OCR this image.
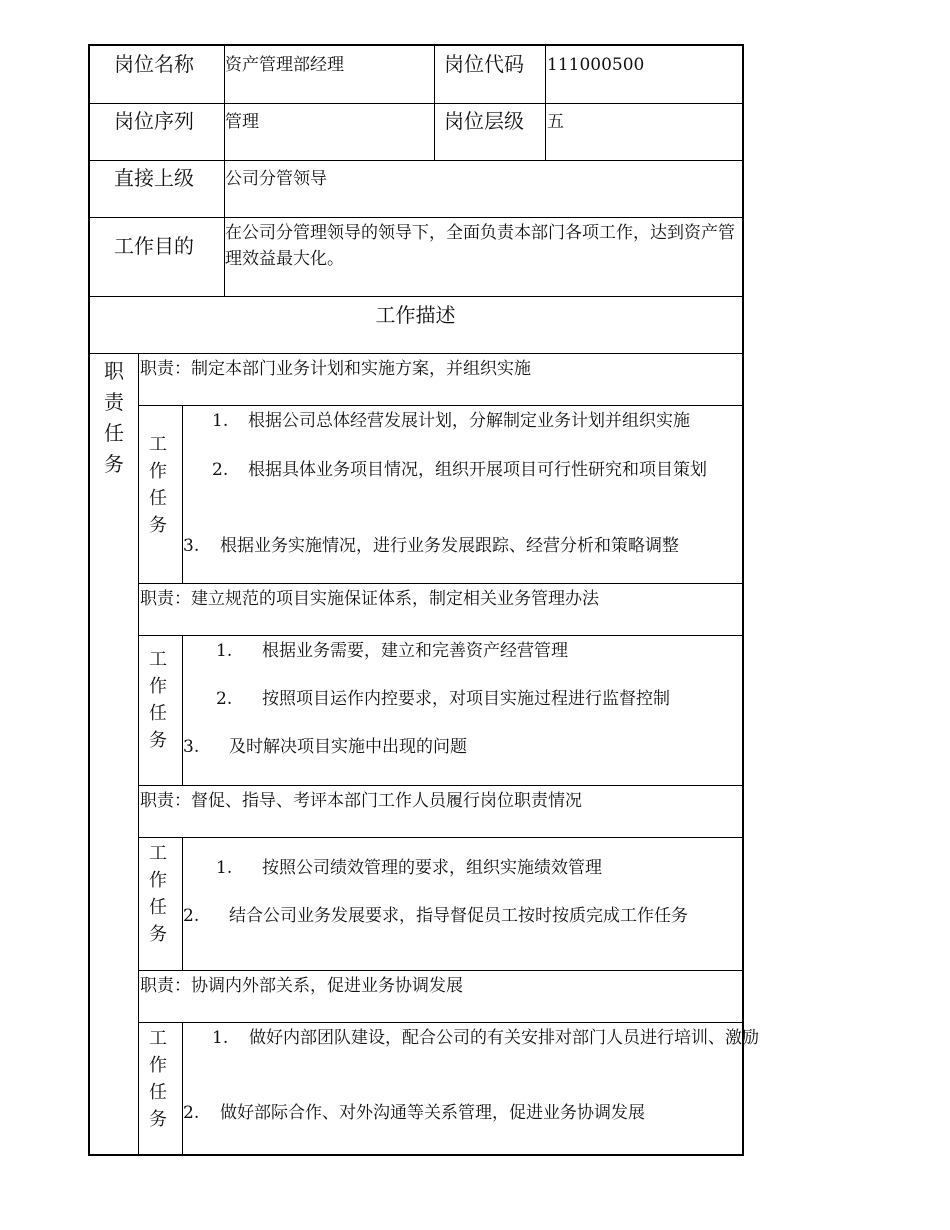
岗位名称 资产管理部经理	岗位代码 111000500
岗位序列 管理	岗位层级 五
直接上级 公司分管领导
工作目的
在公司分管理领导的领导下，全面负责本部门各项工作，达到资产管理效益最大化。
工作描述
职
责
任
务
职责：制定本部门业务计划和实施方案，并组织实施
工
作
任
务
1. 根据公司总体经营发展计划，分解制定业务计划并组织实施
2. 根据具体业务项目情况，组织开展项目可行性研究和项目策划
3. 根据业务实施情况，进行业务发展跟踪、经营分析和策略调整
职责：建立规范的项目实施保证体系，制定相关业务管理办法
工
作
任
务
1. 根据业务需要，建立和完善资产经营管理
2. 按照项目运作内控要求，对项目实施过程进行监督控制
3. 及时解决项目实施中出现的问题
职责：督促、指导、考评本部门工作人员履行岗位职责情况
工
作
任
务
1. 按照公司绩效管理的要求，组织实施绩效管理
2. 结合公司业务发展要求，指导督促员工按时按质完成工作任务
职责：协调内外部关系，促进业务协调发展
工
作
任
务
1. 做好内部团队建设，配合公司的有关安排对部门人员进行培训、激励
2. 做好部际合作、对外沟通等关系管理，促进业务协调发展
